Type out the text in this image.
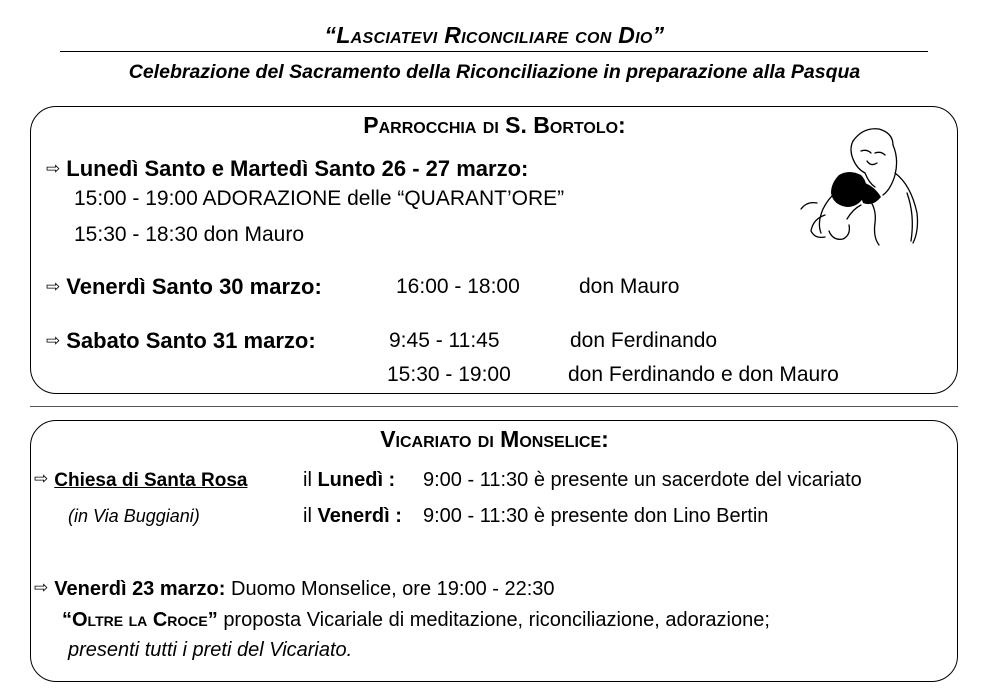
“Lasciatevi Riconciliare con Dio”
Celebrazione del Sacramento della Riconciliazione in preparazione alla Pasqua
Parrocchia di S. Bortolo:
⇨ Lunedì Santo e Martedì Santo 26 - 27 marzo:
15:00 - 19:00 ADORAZIONE delle “QUARANT’ORE”
15:30 - 18:30 don Mauro
⇨ Venerdì Santo 30 marzo:	16:00 - 18:00	don Mauro
⇨ Sabato Santo 31 marzo:	9:45 - 11:45	don Ferdinando
15:30 - 19:00	don Ferdinando e don Mauro
Vicariato di Monselice:
⇨ Chiesa di Santa Rosa	il Lunedì : 9:00 - 11:30 è presente un sacerdote del vicariato
(in Via Buggiani)	il Venerdì : 9:00 - 11:30 è presente don Lino Bertin
⇨ Venerdì 23 marzo: Duomo Monselice, ore 19:00 - 22:30
“Oltre la Croce” proposta Vicariale di meditazione, riconciliazione, adorazione;
presenti tutti i preti del Vicariato.
